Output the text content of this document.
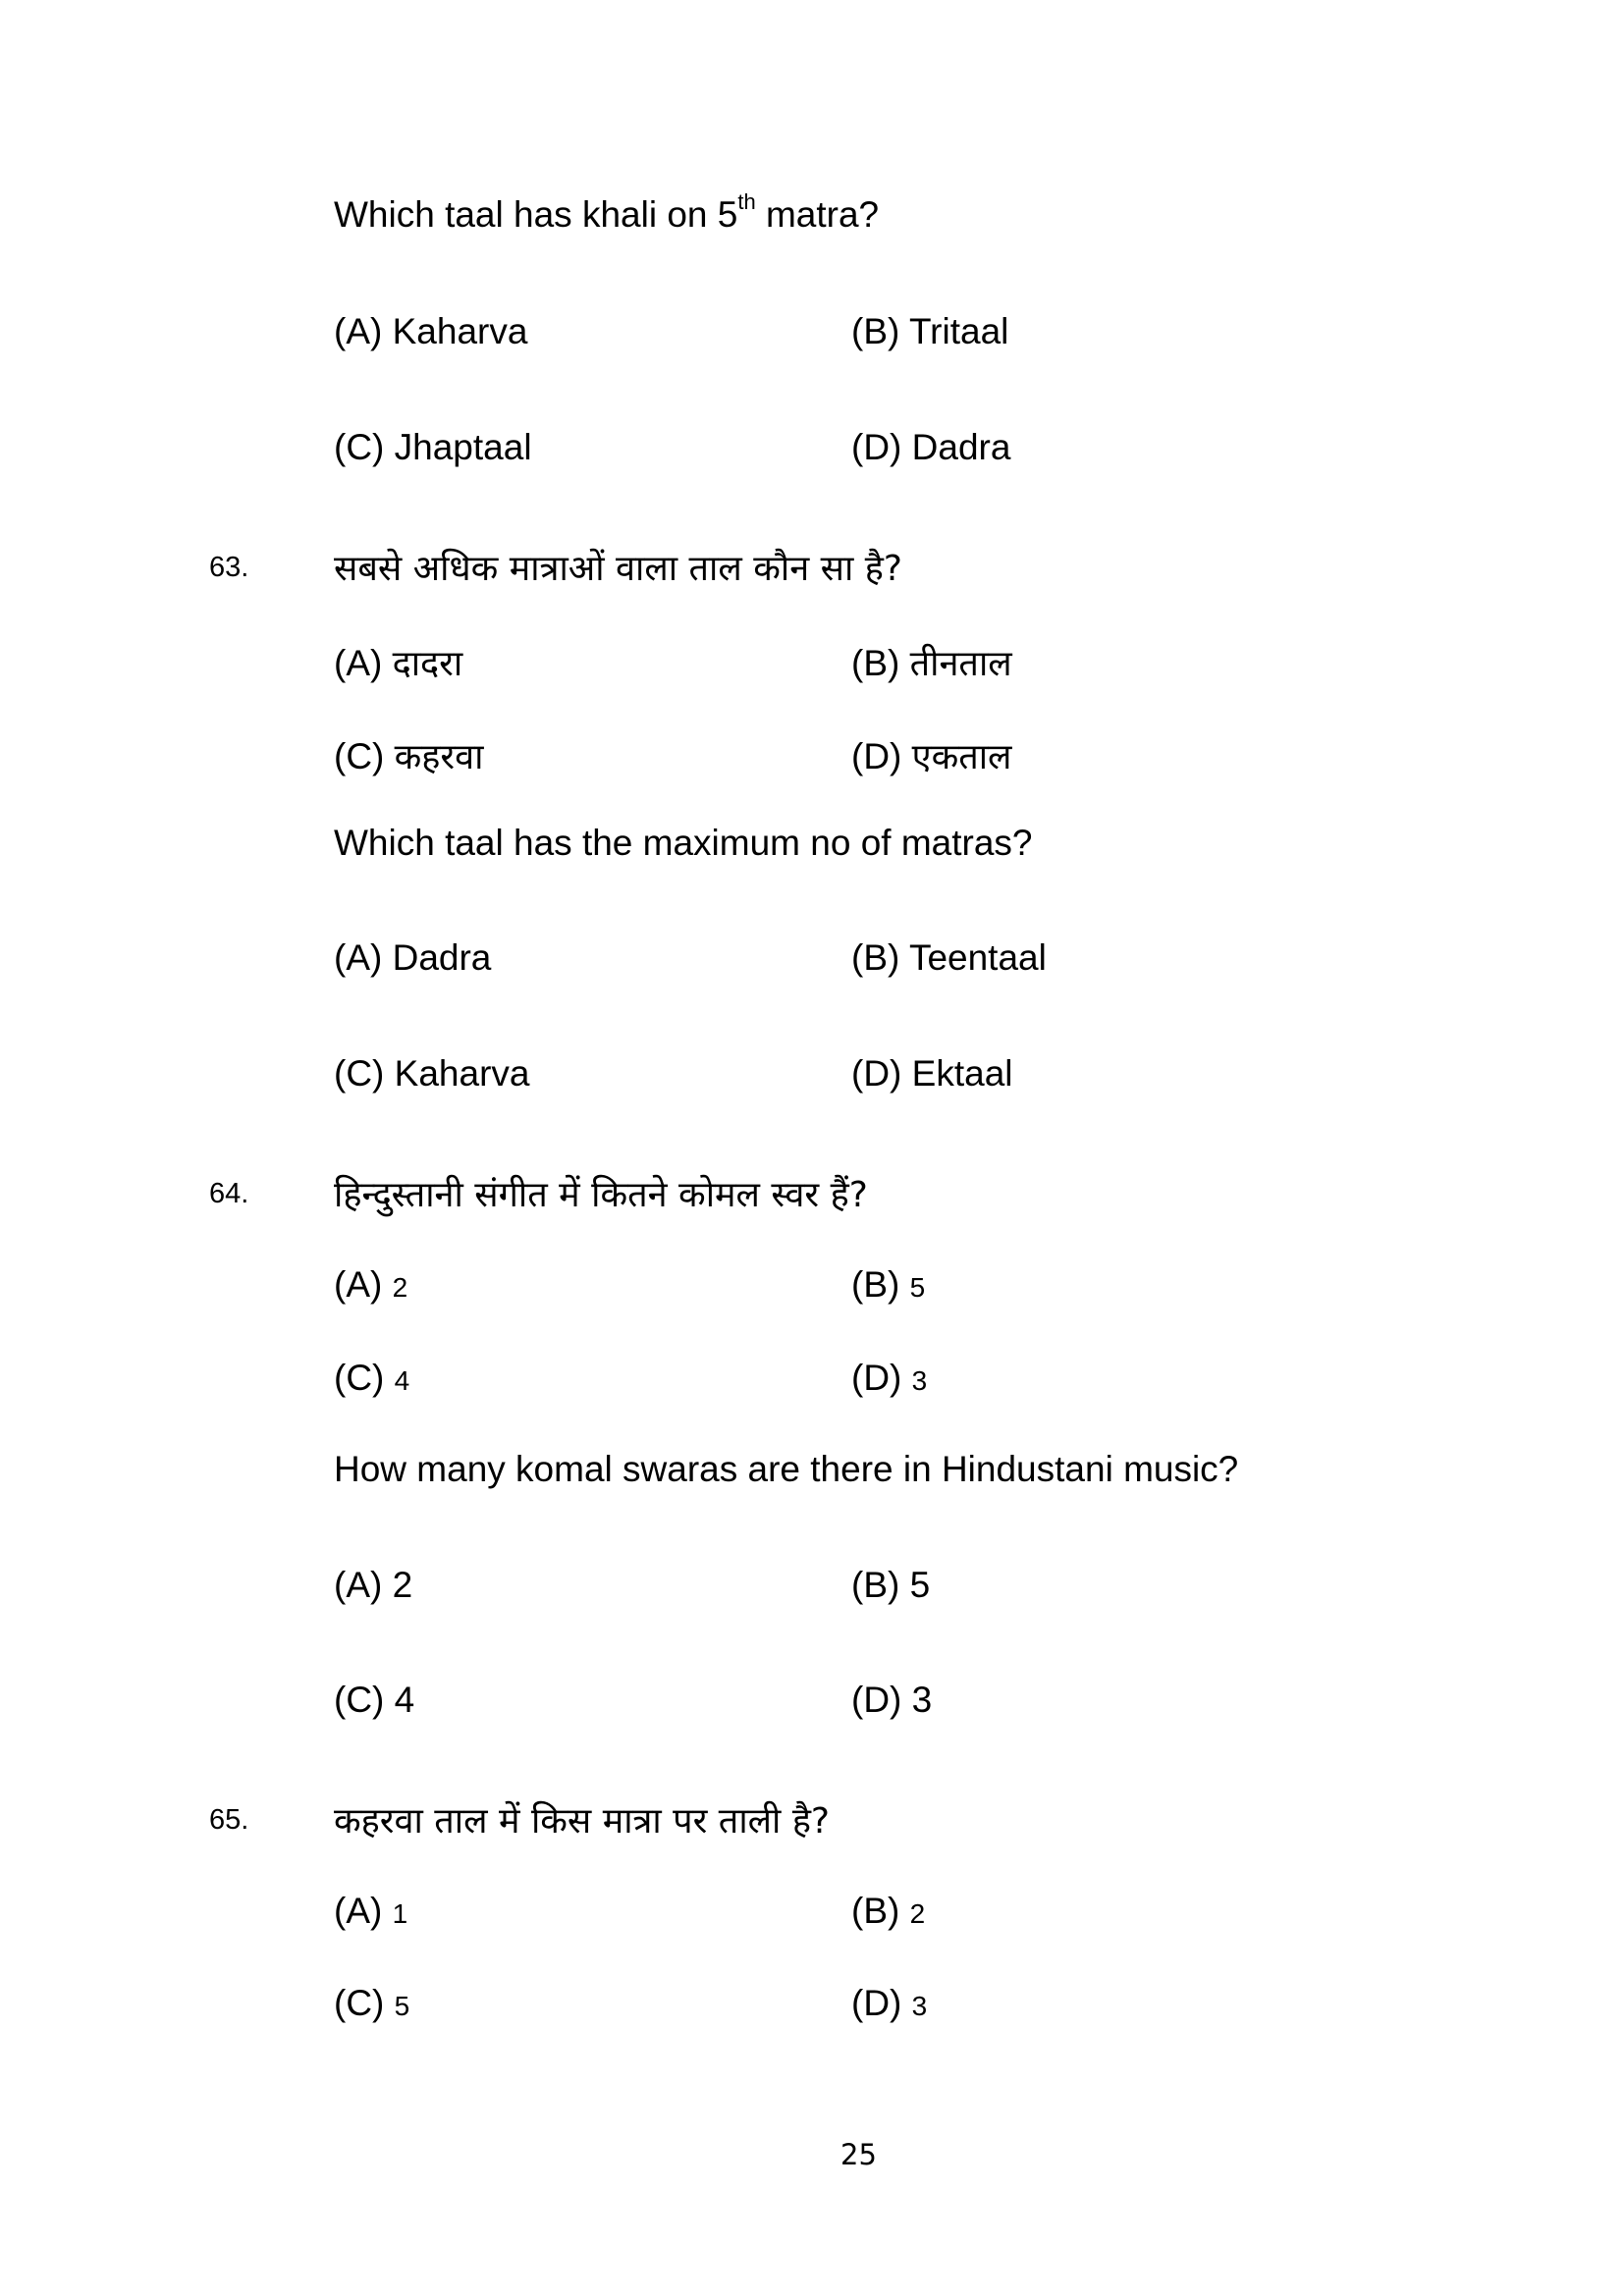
Which taal has khali on 5th matra?
(A) Kaharva	(B) Tritaal
(C) Jhaptaal	(D) Dadra
63. सबसे अधिक मात्राओं वाला ताल कौन सा है?
(A) दादरा	(B) तीनताल
(C) कहरवा	(D) एकताल
Which taal has the maximum no of matras?
(A) Dadra	(B) Teentaal
(C) Kaharva	(D) Ektaal
64. हिन्दुस्तानी संगीत में कितने कोमल स्वर हैं?
(A) 2	(B) 5
(C) 4	(D) 3
How many komal swaras are there in Hindustani music?
(A) 2	(B) 5
(C) 4	(D) 3
65. कहरवा ताल में किस मात्रा पर ताली है?
(A) 1	(B) 2
(C) 5	(D) 3
25
